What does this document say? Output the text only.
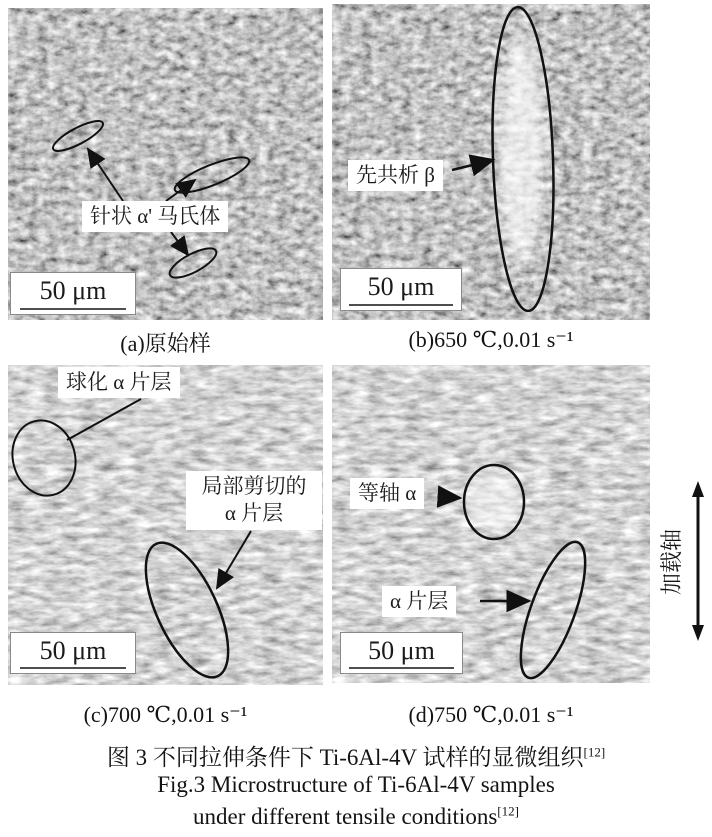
针状 α' 马氏体
50 μm
先共析 β
50 μm
(a)原始样	(b)650 ℃,0.01 s⁻¹
球化 α 片层
局部剪切的
α 片层
50 μm
等轴 α
α 片层
50 μm
加载轴
(c)700 ℃,0.01 s⁻¹	(d)750 ℃,0.01 s⁻¹
图 3 不同拉伸条件下 Ti-6Al-4V 试样的显微组织[12]
Fig.3 Microstructure of Ti-6Al-4V samples
under different tensile conditions[12]
